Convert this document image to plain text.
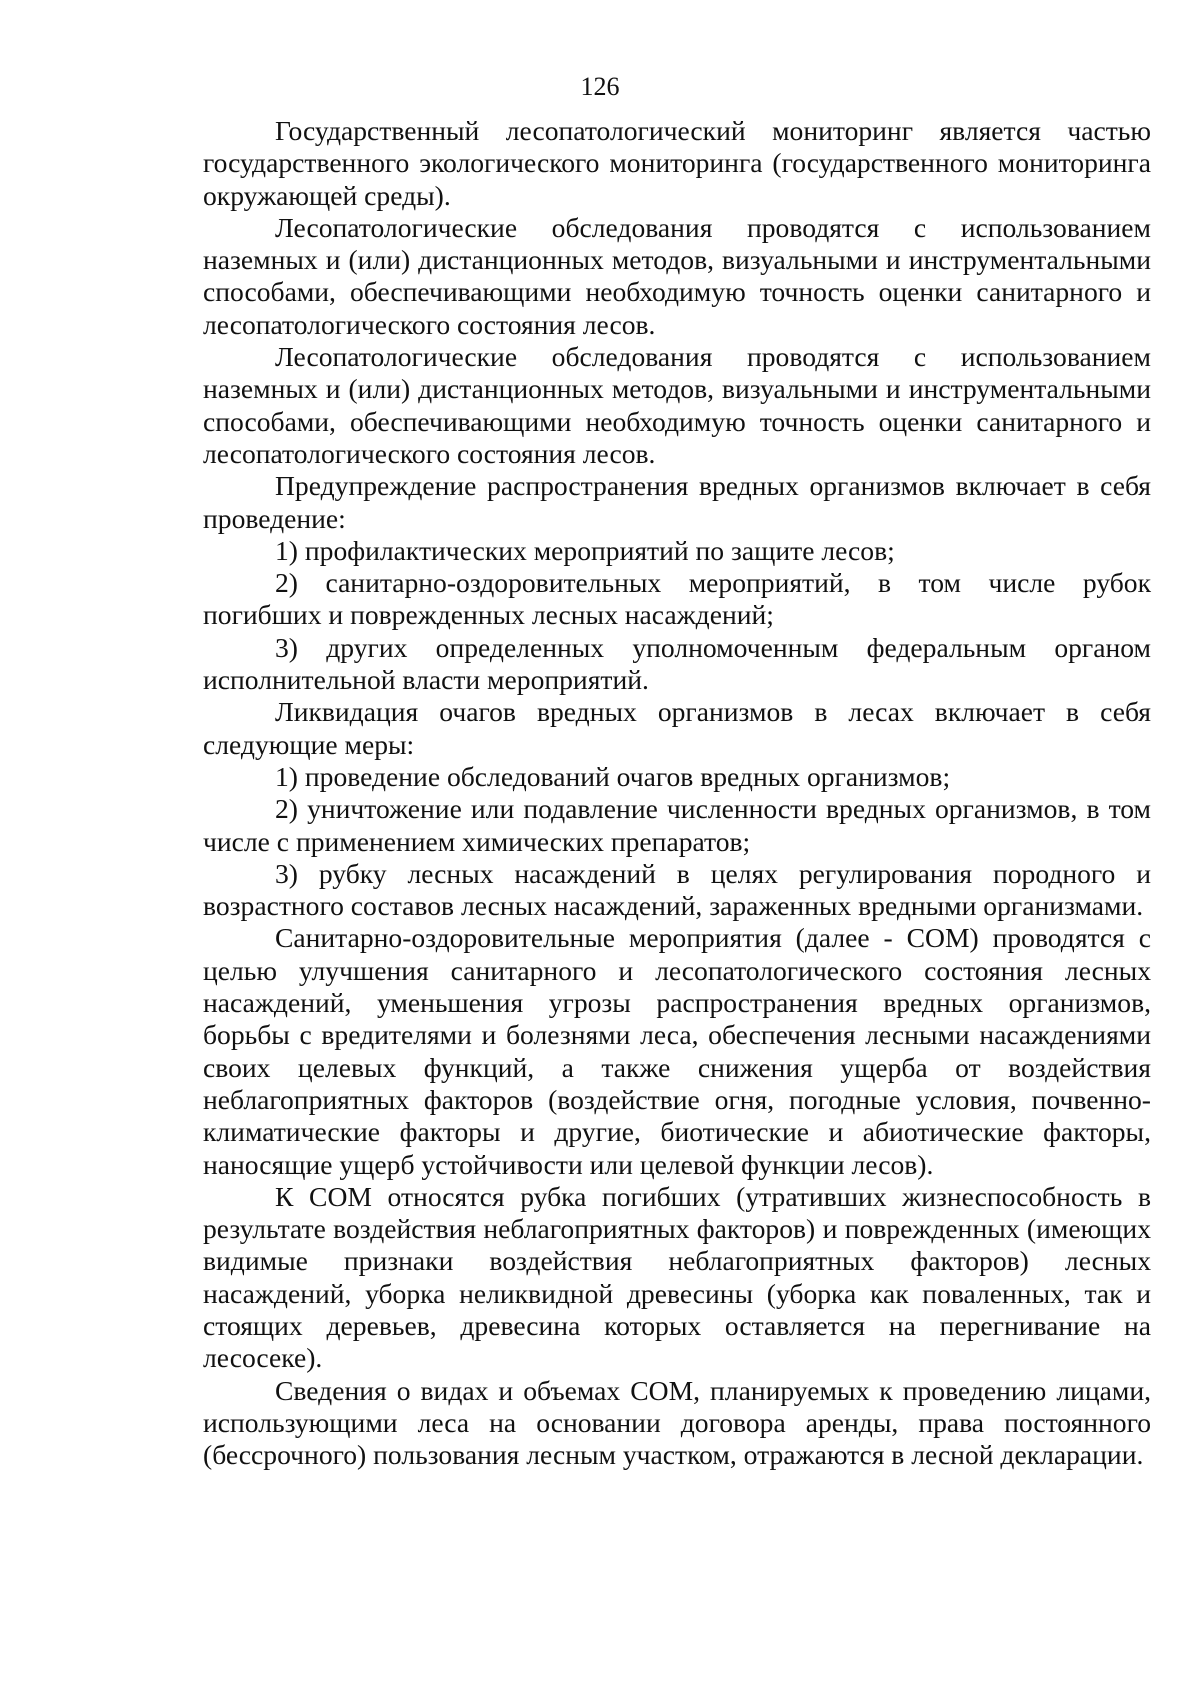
126

Государственный лесопатологический мониторинг является частью государственного экологического мониторинга (государственного мониторинга окружающей среды).

Лесопатологические обследования проводятся с использованием наземных и (или) дистанционных методов, визуальными и инструментальными способами, обеспечивающими необходимую точность оценки санитарного и лесопатологического состояния лесов.

Лесопатологические обследования проводятся с использованием наземных и (или) дистанционных методов, визуальными и инструментальными способами, обеспечивающими необходимую точность оценки санитарного и лесопатологического состояния лесов.

Предупреждение распространения вредных организмов включает в себя проведение:

1) профилактических мероприятий по защите лесов;

2) санитарно-оздоровительных мероприятий, в том числе рубок погибших и поврежденных лесных насаждений;

3) других определенных уполномоченным федеральным органом исполнительной власти мероприятий.

Ликвидация очагов вредных организмов в лесах включает в себя следующие меры:

1) проведение обследований очагов вредных организмов;

2) уничтожение или подавление численности вредных организмов, в том числе с применением химических препаратов;

3) рубку лесных насаждений в целях регулирования породного и возрастного составов лесных насаждений, зараженных вредными организмами.

Санитарно-оздоровительные мероприятия (далее - СОМ) проводятся с целью улучшения санитарного и лесопатологического состояния лесных насаждений, уменьшения угрозы распространения вредных организмов, борьбы с вредителями и болезнями леса, обеспечения лесными насаждениями своих целевых функций, а также снижения ущерба от воздействия неблагоприятных факторов (воздействие огня, погодные условия, почвенно-климатические факторы и другие, биотические и абиотические факторы, наносящие ущерб устойчивости или целевой функции лесов).

К СОМ относятся рубка погибших (утративших жизнеспособность в результате воздействия неблагоприятных факторов) и поврежденных (имеющих видимые признаки воздействия неблагоприятных факторов) лесных насаждений, уборка неликвидной древесины (уборка как поваленных, так и стоящих деревьев, древесина которых оставляется на перегнивание на лесосеке).

Сведения о видах и объемах СОМ, планируемых к проведению лицами, использующими леса на основании договора аренды, права постоянного (бессрочного) пользования лесным участком, отражаются в лесной декларации.
